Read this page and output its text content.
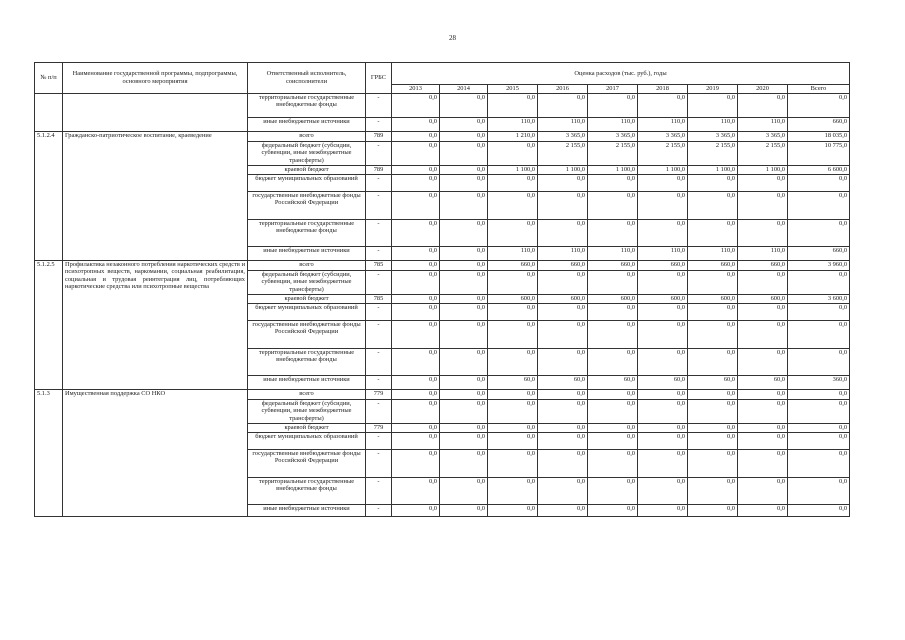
28
№ п/п	Наименование государственной программы, подпрограммы, основного мероприятия	Ответственный исполнитель, соисполнители	ГРБС	Оценка расходов (тыс. руб.), годы								
				2013	2014	2015	2016	2017	2018	2019	2020	Всего
		территориальные государственные внебюджетные фонды	-	0,0	0,0	0,0	0,0	0,0	0,0	0,0	0,0	0,0
		иные внебюджетные источники	-	0,0	0,0	110,0	110,0	110,0	110,0	110,0	110,0	660,0
5.1.2.4	Гражданско-патриотическое воспитание, краеведение	всего	789	0,0	0,0	1 210,0	3 365,0	3 365,0	3 365,0	3 365,0	3 365,0	18 035,0
		федеральный бюджет (субсидии, субвенции, иные межбюджетные трансферты)	-	0,0	0,0	0,0	2 155,0	2 155,0	2 155,0	2 155,0	2 155,0	10 775,0
		краевой бюджет	789	0,0	0,0	1 100,0	1 100,0	1 100,0	1 100,0	1 100,0	1 100,0	6 600,0
		бюджет муниципальных образований	-	0,0	0,0	0,0	0,0	0,0	0,0	0,0	0,0	0,0
		государственные внебюджетные фонды Российской Федерации	-	0,0	0,0	0,0	0,0	0,0	0,0	0,0	0,0	0,0
		территориальные государственные внебюджетные фонды	-	0,0	0,0	0,0	0,0	0,0	0,0	0,0	0,0	0,0
		иные внебюджетные источники	-	0,0	0,0	110,0	110,0	110,0	110,0	110,0	110,0	660,0
5.1.2.5	Профилактика незаконного потребления наркотических средств и психотропных веществ, наркомании, социальная реабилитация, социальная и трудовая реинтеграция лиц, потребляющих наркотические средства или психотропные вещества	всего	785	0,0	0,0	660,0	660,0	660,0	660,0	660,0	660,0	3 960,0
		федеральный бюджет (субсидии, субвенции, иные межбюджетные трансферты)	-	0,0	0,0	0,0	0,0	0,0	0,0	0,0	0,0	0,0
		краевой бюджет	785	0,0	0,0	600,0	600,0	600,0	600,0	600,0	600,0	3 600,0
		бюджет муниципальных образований	-	0,0	0,0	0,0	0,0	0,0	0,0	0,0	0,0	0,0
		государственные внебюджетные фонды Российской Федерации	-	0,0	0,0	0,0	0,0	0,0	0,0	0,0	0,0	0,0
		территориальные государственные внебюджетные фонды	-	0,0	0,0	0,0	0,0	0,0	0,0	0,0	0,0	0,0
		иные внебюджетные источники	-	0,0	0,0	60,0	60,0	60,0	60,0	60,0	60,0	360,0
5.1.3	Имущественная поддержка СО НКО	всего	779	0,0	0,0	0,0	0,0	0,0	0,0	0,0	0,0	0,0
		федеральный бюджет (субсидии, субвенции, иные межбюджетные трансферты)	-	0,0	0,0	0,0	0,0	0,0	0,0	0,0	0,0	0,0
		краевой бюджет	779	0,0	0,0	0,0	0,0	0,0	0,0	0,0	0,0	0,0
		бюджет муниципальных образований	-	0,0	0,0	0,0	0,0	0,0	0,0	0,0	0,0	0,0
		государственные внебюджетные фонды Российской Федерации	-	0,0	0,0	0,0	0,0	0,0	0,0	0,0	0,0	0,0
		территориальные государственные внебюджетные фонды	-	0,0	0,0	0,0	0,0	0,0	0,0	0,0	0,0	0,0
		иные внебюджетные источники	-	0,0	0,0	0,0	0,0	0,0	0,0	0,0	0,0	0,0
